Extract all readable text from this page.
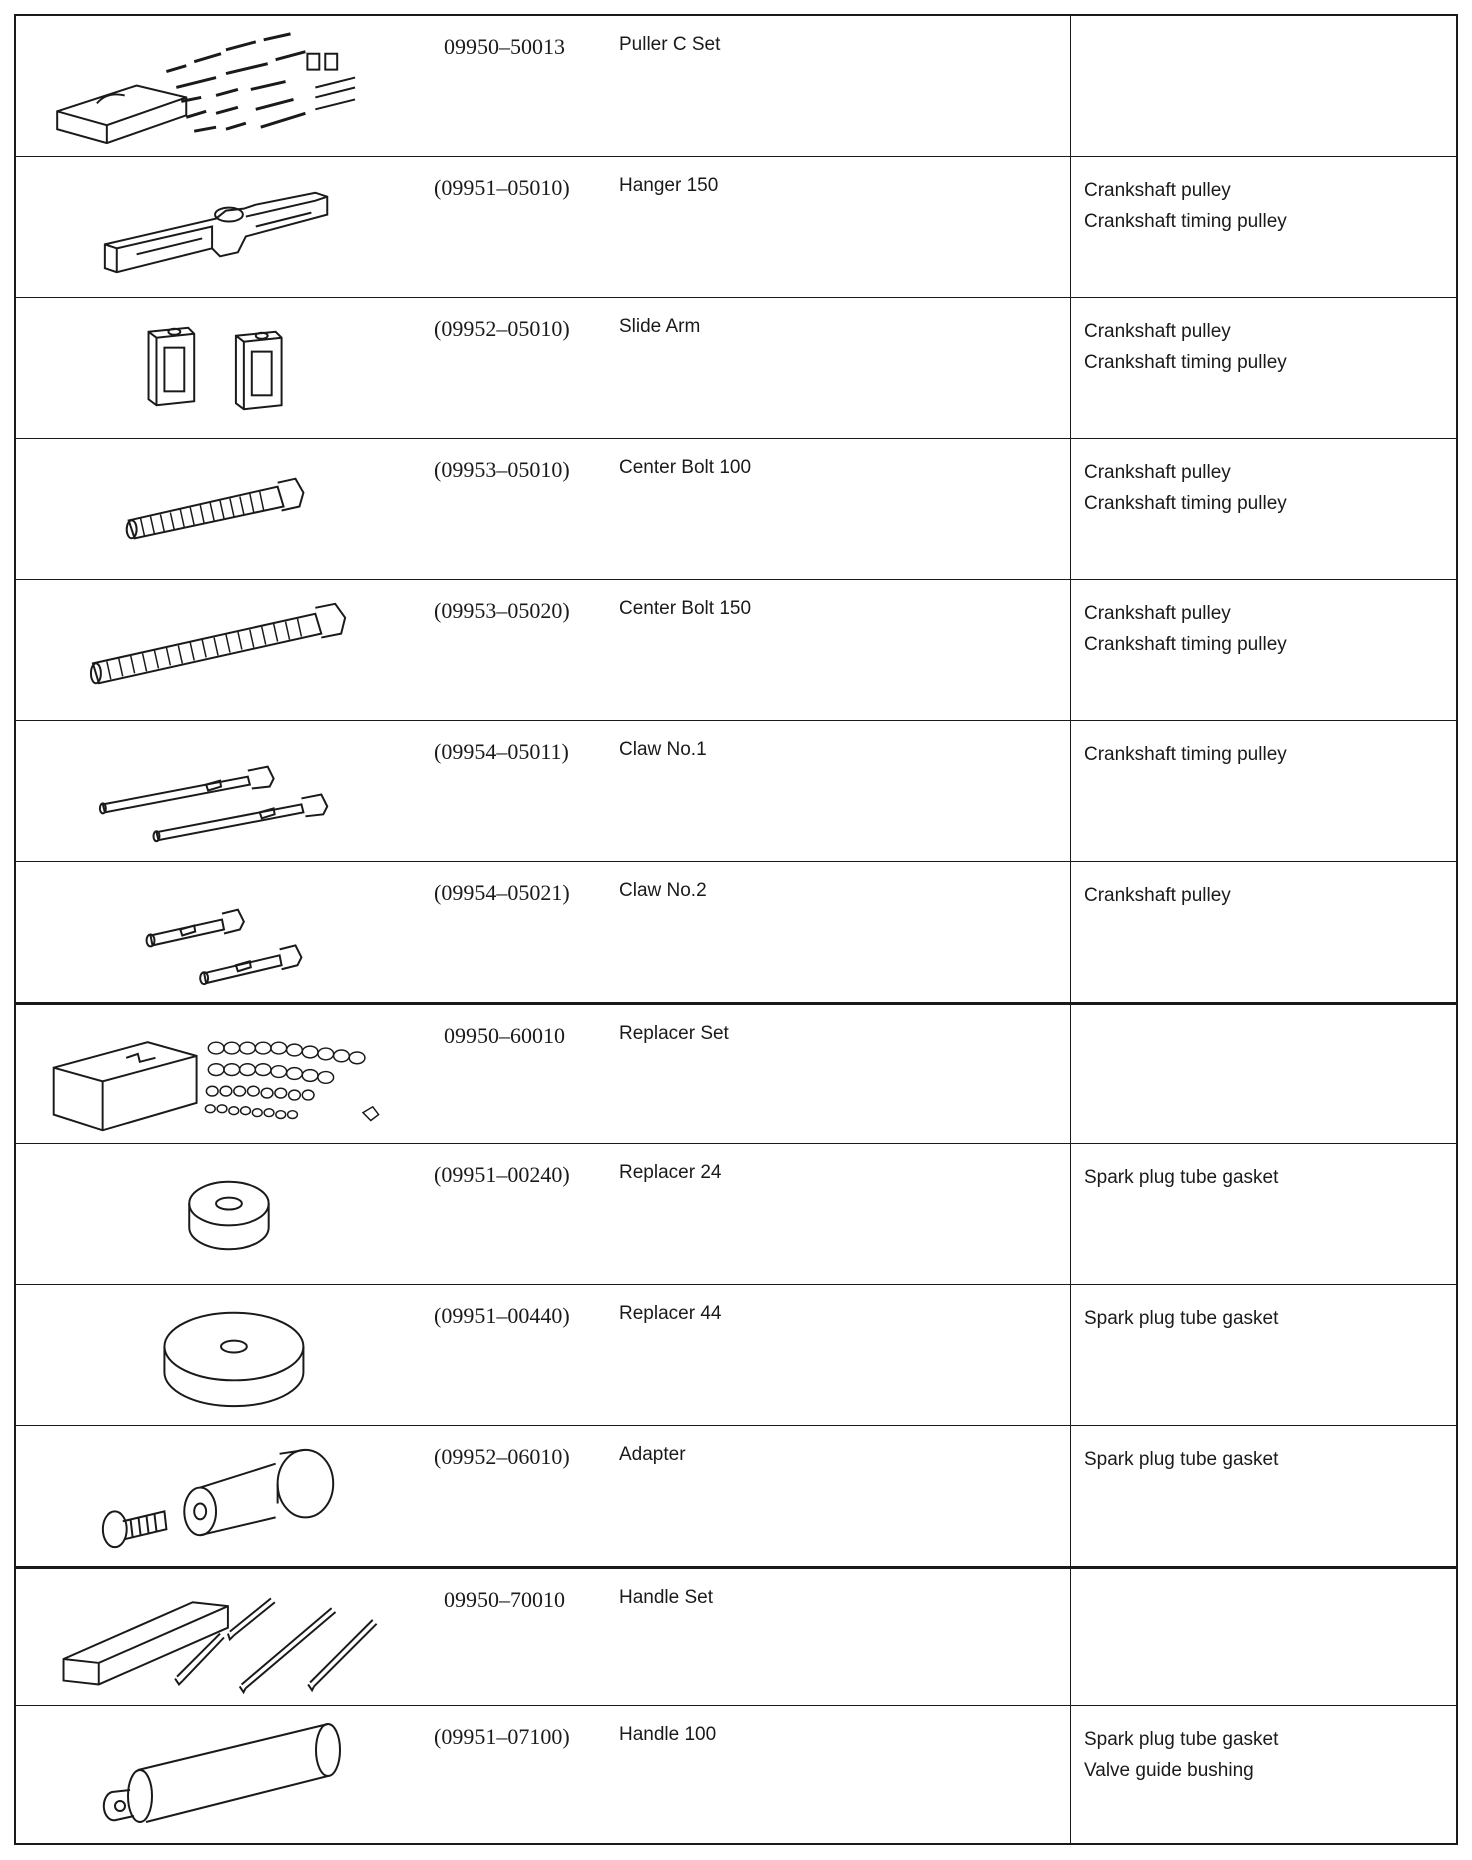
09950–50013	Puller C Set
(09951–05010)	Hanger 150	Crankshaft pulley
Crankshaft timing pulley
(09952–05010)	Slide Arm	Crankshaft pulley
Crankshaft timing pulley
(09953–05010)	Center Bolt 100	Crankshaft pulley
Crankshaft timing pulley
(09953–05020)	Center Bolt 150	Crankshaft pulley
Crankshaft timing pulley
(09954–05011)	Claw No.1	Crankshaft timing pulley
(09954–05021)	Claw No.2	Crankshaft pulley
09950–60010	Replacer Set
(09951–00240)	Replacer 24	Spark plug tube gasket
(09951–00440)	Replacer 44	Spark plug tube gasket
(09952–06010)	Adapter	Spark plug tube gasket
09950–70010	Handle Set
(09951–07100)	Handle 100	Spark plug tube gasket
Valve guide bushing
